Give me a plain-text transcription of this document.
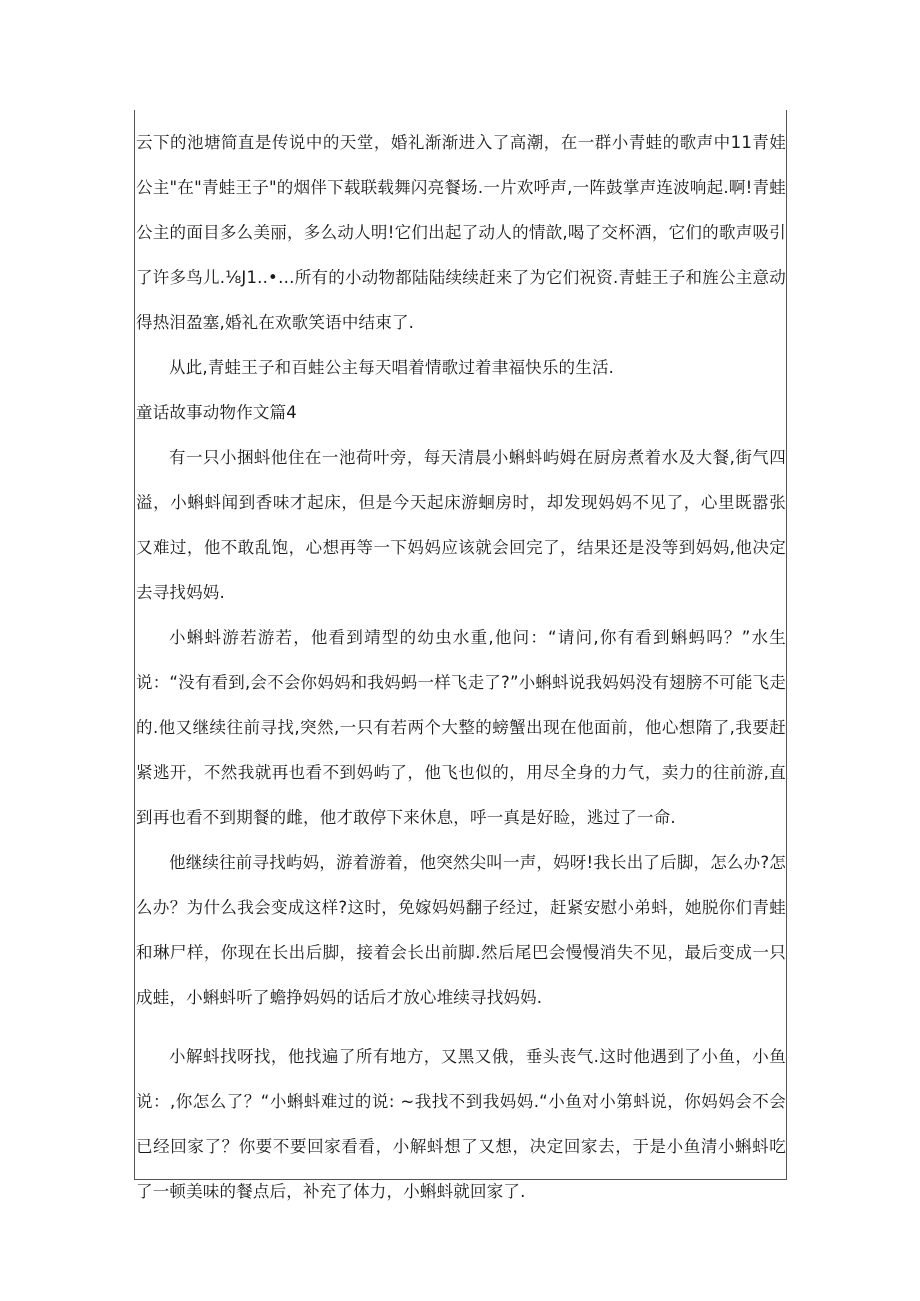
云下的池塘简直是传说中的天堂，婚礼渐渐进入了高潮，在一群小青蛙的歌声中11青娃公主"在"青蛙王子"的烟伴下载联载舞闪亮餐场.一片欢呼声,一阵鼓掌声连波响起.啊!青蛙公主的面目多么美丽，多么动人明!它们出起了动人的情歆,喝了交杯酒，它们的歌声吸引了许多鸟儿.⅛J1..•…所有的小动物都陆陆续续赶来了为它们祝资.青蛙王子和旌公主意动得热泪盈塞,婚礼在欢歌笑语中结束了.

从此,青蛙王子和百蛙公主每天唱着情歌过着聿福快乐的生活.

童话故事动物作文篇4

有一只小捆蚪他住在一池荷叶旁，每天清晨小蝌蚪屿姆在厨房煮着水及大餐,街气四溢，小蝌蚪闻到香味才起床，但是今天起床游蛔房时，却发现妈妈不见了，心里既嚣张又难过，他不敢乱饱，心想再等一下妈妈应该就会回完了，结果还是没等到妈妈,他决定去寻找妈妈.

小蝌蚪游若游若，他看到靖型的幼虫水重,他问：“请问,你有看到蝌蚂吗？”水生说：“没有看到,会不会你妈妈和我妈蚂一样飞走了?”小蝌蚪说我妈妈没有翅膀不可能飞走的.他又继续往前寻找,突然,一只有若两个大整的螃蟹出现在他面前，他心想隋了,我要赶紧逃开，不然我就再也看不到妈屿了，他飞也似的，用尽全身的力气，卖力的往前游,直到再也看不到期餐的雌，他才敢停下来休息，呼一真是好睑，逃过了一命.

他继续往前寻找屿妈，游着游着，他突然尖叫一声，妈呀!我长出了后脚，怎么办?怎么办？为什么我会变成这样?这时，免嫁妈妈翻子经过，赶紧安慰小弟蚪，她脱你们青蛙和琳尸样，你现在长出后脚，接着会长出前脚.然后尾巴会慢慢消失不见，最后变成一只成蛙，小蝌蚪听了蟾挣妈妈的话后才放心堆续寻找妈妈.

小解蚪找呀找，他找遍了所有地方，又黑又俄，垂头丧气.这时他遇到了小鱼，小鱼说：,你怎么了？“小蝌蚪难过的说: ~我找不到我妈妈.“小鱼对小第蚪说，你妈妈会不会已经回家了？你要不要回家看看，小解蚪想了又想，决定回家去，于是小鱼清小蝌蚪吃了一顿美味的餐点后，补充了体力，小蝌蚪就回家了.
